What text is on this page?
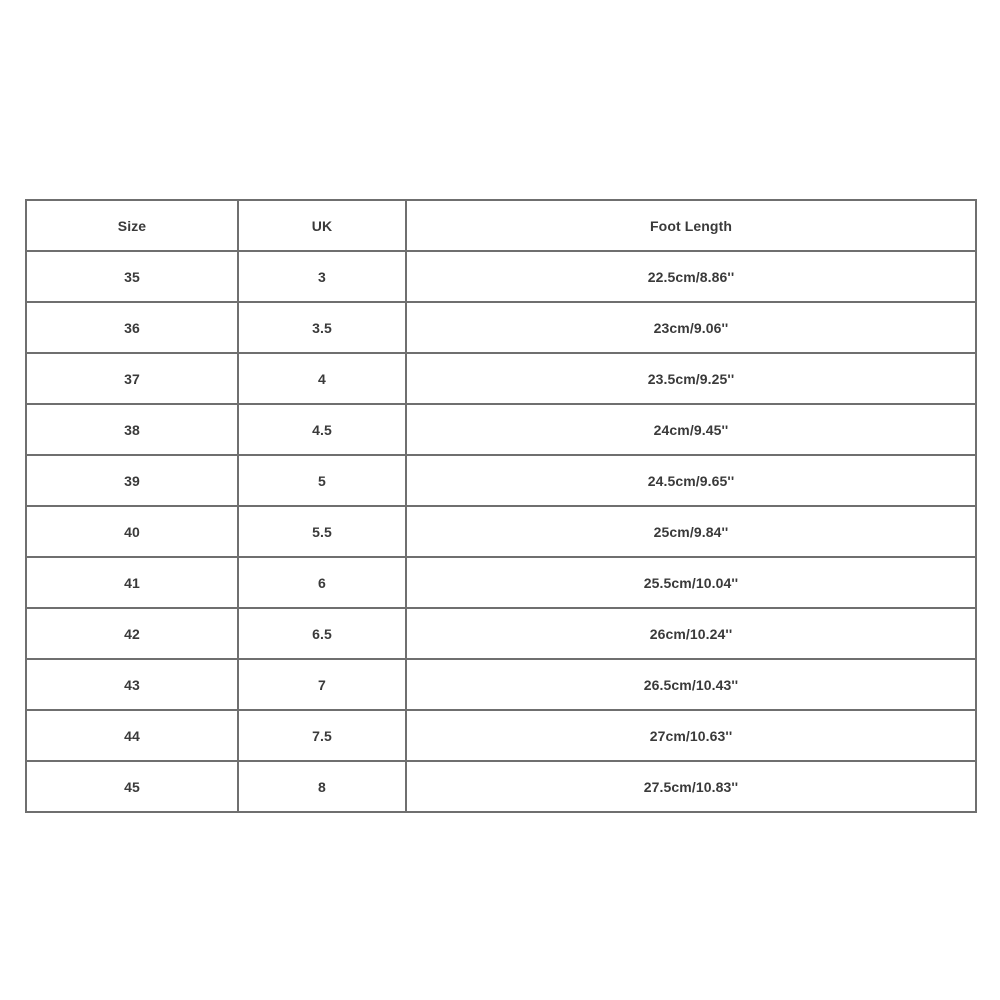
Size	UK	Foot Length
35	3	22.5cm/8.86''
36	3.5	23cm/9.06''
37	4	23.5cm/9.25''
38	4.5	24cm/9.45''
39	5	24.5cm/9.65''
40	5.5	25cm/9.84''
41	6	25.5cm/10.04''
42	6.5	26cm/10.24''
43	7	26.5cm/10.43''
44	7.5	27cm/10.63''
45	8	27.5cm/10.83''
